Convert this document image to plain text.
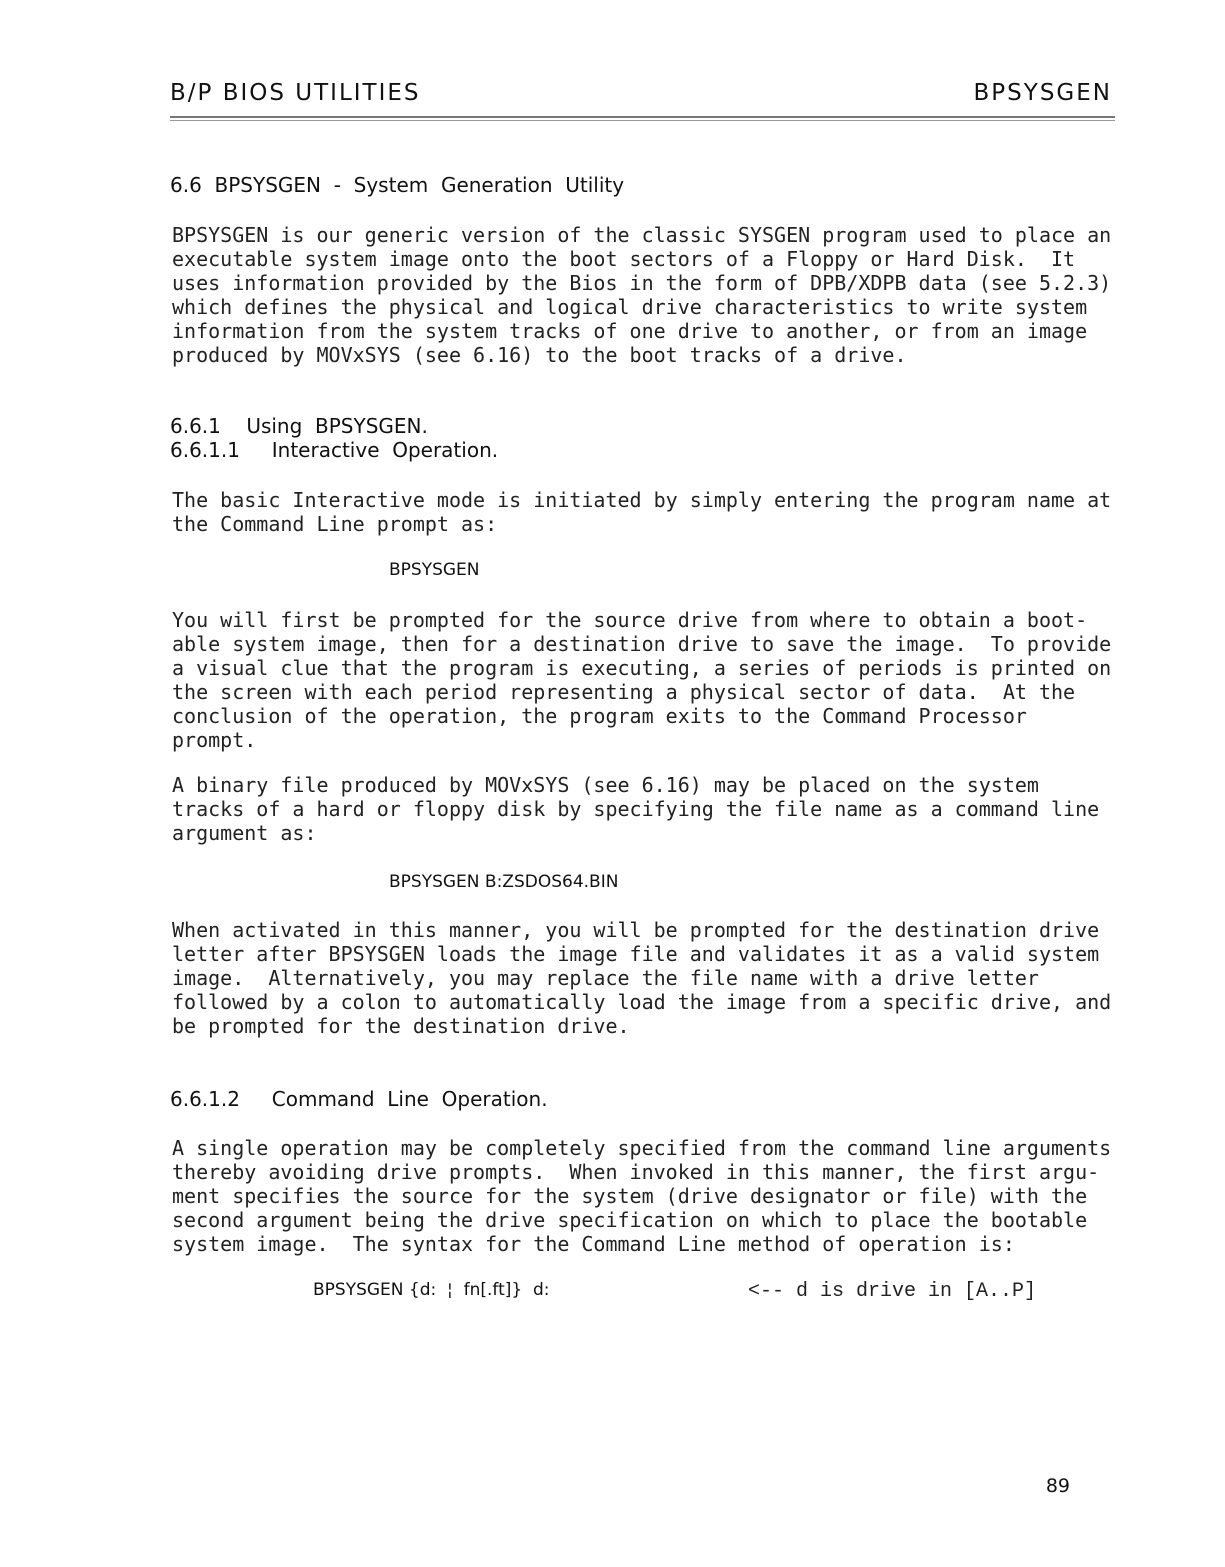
B/P BIOS UTILITIES	BPSYSGEN
6.6  BPSYSGEN  -  System  Generation  Utility
BPSYSGEN is our generic version of the classic SYSGEN program used to place an
executable system image onto the boot sectors of a Floppy or Hard Disk.  It
uses information provided by the Bios in the form of DPB/XDPB data (see 5.2.3)
which defines the physical and logical drive characteristics to write system
information from the system tracks of one drive to another, or from an image
produced by MOVxSYS (see 6.16) to the boot tracks of a drive.
6.6.1    Using  BPSYSGEN.
6.6.1.1     Interactive  Operation.
The basic Interactive mode is initiated by simply entering the program name at
the Command Line prompt as:
BPSYSGEN
You will first be prompted for the source drive from where to obtain a boot-
able system image, then for a destination drive to save the image.  To provide
a visual clue that the program is executing, a series of periods is printed on
the screen with each period representing a physical sector of data.  At the
conclusion of the operation, the program exits to the Command Processor
prompt.
A binary file produced by MOVxSYS (see 6.16) may be placed on the system
tracks of a hard or floppy disk by specifying the file name as a command line
argument as:
BPSYSGEN B:ZSDOS64.BIN
When activated in this manner, you will be prompted for the destination drive
letter after BPSYSGEN loads the image file and validates it as a valid system
image.  Alternatively, you may replace the file name with a drive letter
followed by a colon to automatically load the image from a specific drive, and
be prompted for the destination drive.
6.6.1.2     Command  Line  Operation.
A single operation may be completely specified from the command line arguments
thereby avoiding drive prompts.  When invoked in this manner, the first argu-
ment specifies the source for the system (drive designator or file) with the
second argument being the drive specification on which to place the bootable
system image.  The syntax for the Command Line method of operation is:
BPSYSGEN {d:  ¦  fn[.ft]}  d:	<-- d is drive in [A..P]
89
